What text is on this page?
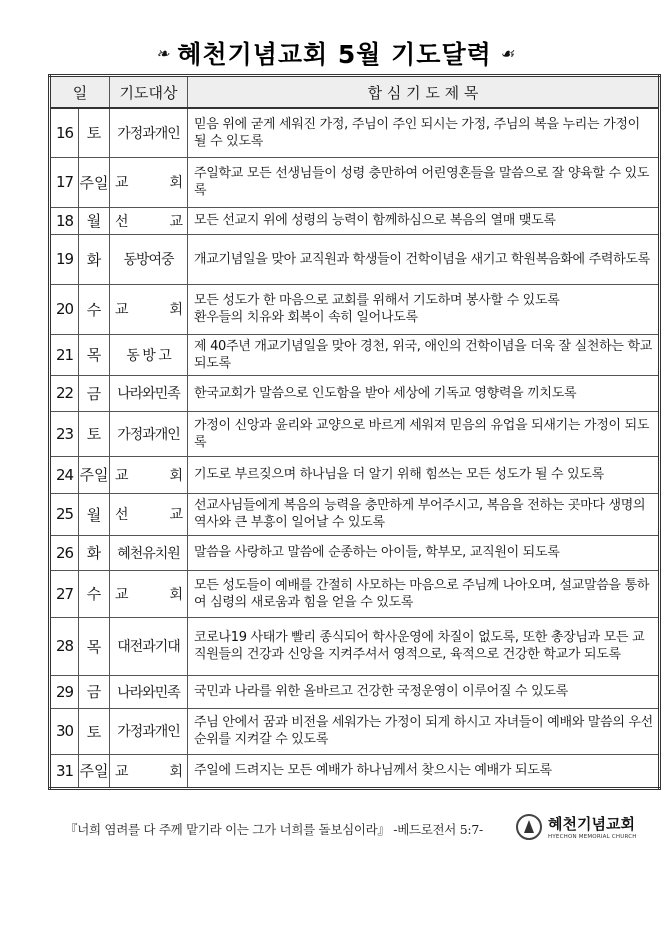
❧ 혜천기념교회 5월 기도달력 ☙
일		기도대상	합 심 기 도 제 목
16	토	가정과개인	믿음 위에 굳게 세워진 가정, 주님이 주인 되시는 가정, 주님의 복을 누리는 가정이 될 수 있도록

17	주일	교 회	주일학교 모든 선생님들이 성령 충만하여 어린영혼들을 말씀으로 잘 양육할 수 있도록

18	월	선 교	모든 선교지 위에 성령의 능력이 함께하심으로 복음의 열매 맺도록

19	화	동방여중	개교기념일을 맞아 교직원과 학생들이 건학이념을 새기고 학원복음화에 주력하도록

20	수	교 회	모든 성도가 한 마음으로 교회를 위해서 기도하며 봉사할 수 있도록
환우들의 치유와 회복이 속히 일어나도록

21	목	동 방 고	제 40주년 개교기념일을 맞아 경천, 위국, 애인의 건학이념을 더욱 잘 실천하는 학교 되도록

22	금	나라와민족	한국교회가 말씀으로 인도함을 받아 세상에 기독교 영향력을 끼치도록

23	토	가정과개인	가정이 신앙과 윤리와 교양으로 바르게 세워져 믿음의 유업을 되새기는 가정이 되도록

24	주일	교 회	기도로 부르짖으며 하나님을 더 알기 위해 힘쓰는 모든 성도가 될 수 있도록

25	월	선 교	선교사님들에게 복음의 능력을 충만하게 부어주시고, 복음을 전하는 곳마다 생명의 역사와 큰 부흥이 일어날 수 있도록

26	화	혜천유치원	말씀을 사랑하고 말씀에 순종하는 아이들, 학부모, 교직원이 되도록

27	수	교 회	모든 성도들이 예배를 간절히 사모하는 마음으로 주님께 나아오며, 설교말씀을 통하여 심령의 새로움과 힘을 얻을 수 있도록

28	목	대전과기대	코로나19 사태가 빨리 종식되어 학사운영에 차질이 없도록, 또한 총장님과 모든 교직원들의 건강과 신앙을 지켜주셔서 영적으로, 육적으로 건강한 학교가 되도록

29	금	나라와민족	국민과 나라를 위한 올바르고 건강한 국정운영이 이루어질 수 있도록

30	토	가정과개인	주님 안에서 꿈과 비전을 세워가는 가정이 되게 하시고 자녀들이 예배와 말씀의 우선순위를 지켜갈 수 있도록

31	주일	교 회	주일에 드려지는 모든 예배가 하나님께서 찾으시는 예배가 되도록
『너희 염려를 다 주께 맡기라 이는 그가 너희를 돌보심이라』 -베드로전서 5:7-	혜천기념교회
HYECHON MEMORIAL CHURCH
